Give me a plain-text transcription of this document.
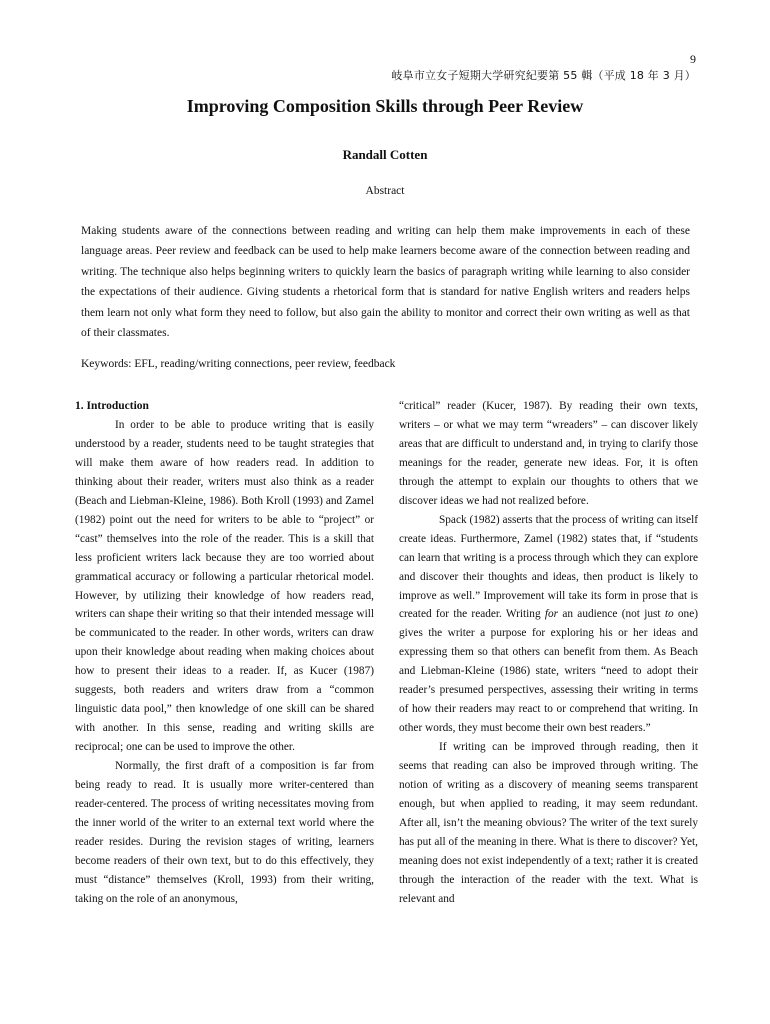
9
岐阜市立女子短期大学研究紀要第 55 輯（平成 18 年 3 月）
Improving Composition Skills through Peer Review
Randall Cotten
Abstract

Making students aware of the connections between reading and writing can help them make improvements in each of these language areas. Peer review and feedback can be used to help make learners become aware of the connection between reading and writing. The technique also helps beginning writers to quickly learn the basics of paragraph writing while learning to also consider the expectations of their audience. Giving students a rhetorical form that is standard for native English writers and readers helps them learn not only what form they need to follow, but also gain the ability to monitor and correct their own writing as well as that of their classmates.

Keywords: EFL, reading/writing connections, peer review, feedback

1. Introduction

In order to be able to produce writing that is easily understood by a reader, students need to be taught strategies that will make them aware of how readers read. In addition to thinking about their reader, writers must also think as a reader (Beach and Liebman-Kleine, 1986). Both Kroll (1993) and Zamel (1982) point out the need for writers to be able to “project” or “cast” themselves into the role of the reader. This is a skill that less proficient writers lack because they are too worried about grammatical accuracy or following a particular rhetorical model. However, by utilizing their knowledge of how readers read, writers can shape their writing so that their intended message will be communicated to the reader. In other words, writers can draw upon their knowledge about reading when making choices about how to present their ideas to a reader. If, as Kucer (1987) suggests, both readers and writers draw from a “common linguistic data pool,” then knowledge of one skill can be shared with another. In this sense, reading and writing skills are reciprocal; one can be used to improve the other.

Normally, the first draft of a composition is far from being ready to read. It is usually more writer-centered than reader-centered. The process of writing necessitates moving from the inner world of the writer to an external text world where the reader resides. During the revision stages of writing, learners become readers of their own text, but to do this effectively, they must “distance” themselves (Kroll, 1993) from their writing, taking on the role of an anonymous,

“critical” reader (Kucer, 1987). By reading their own texts, writers – or what we may term “wreaders” – can discover likely areas that are difficult to understand and, in trying to clarify those meanings for the reader, generate new ideas. For, it is often through the attempt to explain our thoughts to others that we discover ideas we had not realized before.

Spack (1982) asserts that the process of writing can itself create ideas. Furthermore, Zamel (1982) states that, if “students can learn that writing is a process through which they can explore and discover their thoughts and ideas, then product is likely to improve as well.” Improvement will take its form in prose that is created for the reader. Writing for an audience (not just to one) gives the writer a purpose for exploring his or her ideas and expressing them so that others can benefit from them. As Beach and Liebman-Kleine (1986) state, writers “need to adopt their reader’s presumed perspectives, assessing their writing in terms of how their readers may react to or comprehend that writing. In other words, they must become their own best readers.”

If writing can be improved through reading, then it seems that reading can also be improved through writing. The notion of writing as a discovery of meaning seems transparent enough, but when applied to reading, it may seem redundant. After all, isn’t the meaning obvious? The writer of the text surely has put all of the meaning in there. What is there to discover? Yet, meaning does not exist independently of a text; rather it is created through the interaction of the reader with the text. What is relevant and
